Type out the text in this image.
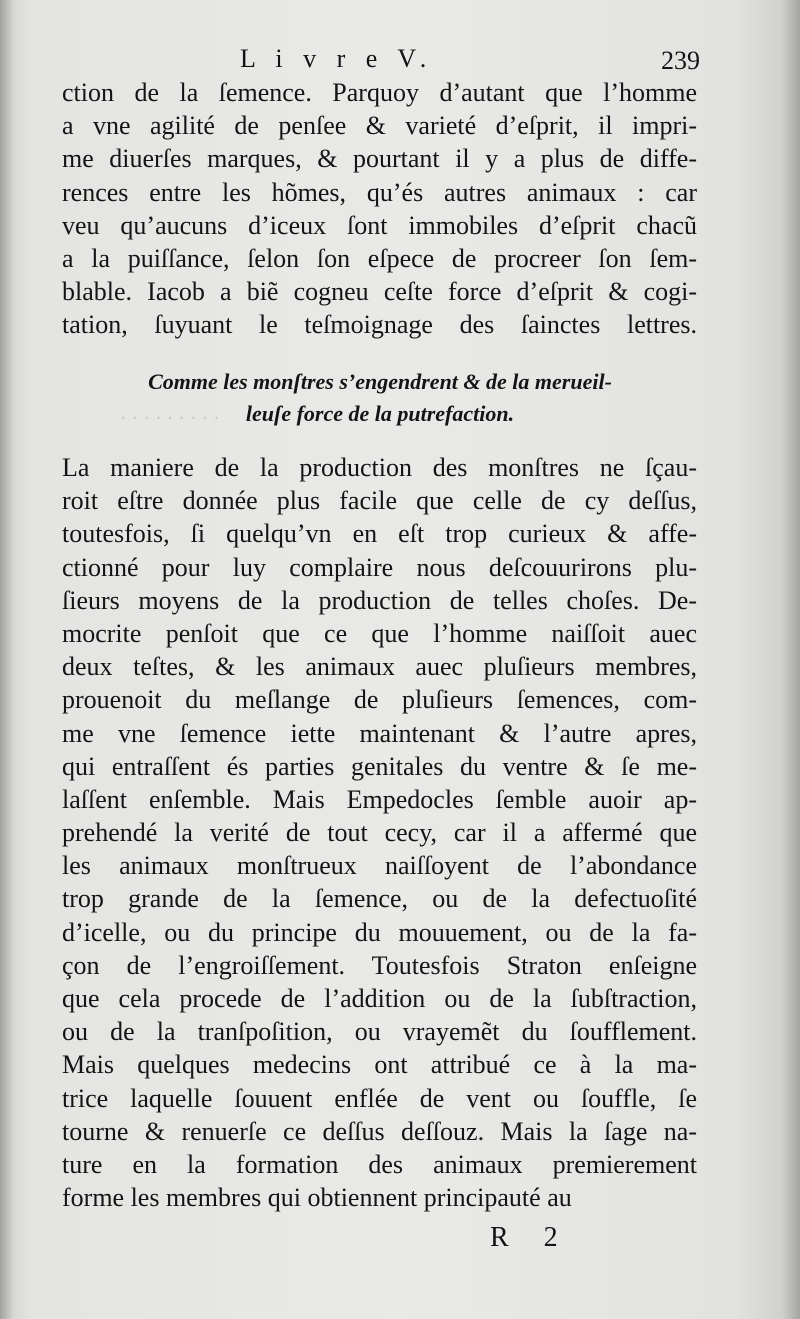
· · · · · · · · ·
L i v r e V.	239
ction de la ſemence. Parquoy d’autant que l’homme
a vne agilité de penſee & varieté d’eſprit, il impri-
me diuerſes marques, & pourtant il y a plus de diffe-
rences entre les hõmes, qu’és autres animaux : car
veu qu’aucuns d’iceux ſont immobiles d’eſprit chacũ
a la puiſſance, ſelon ſon eſpece de procreer ſon ſem-
blable. Iacob a biẽ cogneu ceſte force d’eſprit & cogi-
tation, ſuyuant le teſmoignage des ſainctes lettres.
Comme les monſtres s’engendrent & de la merueil-
leuſe force de la putrefaction.
La maniere de la production des monſtres ne ſçau-
roit eſtre donnée plus facile que celle de cy deſſus,
toutesfois, ſi quelqu’vn en eſt trop curieux & affe-
ctionné pour luy complaire nous deſcouurirons plu-
ſieurs moyens de la production de telles choſes. De-
mocrite penſoit que ce que l’homme naiſſoit auec
deux teſtes, & les animaux auec pluſieurs membres,
prouenoit du meſlange de pluſieurs ſemences, com-
me vne ſemence iette maintenant & l’autre apres,
qui entraſſent és parties genitales du ventre & ſe me-
laſſent enſemble. Mais Empedocles ſemble auoir ap-
prehendé la verité de tout cecy, car il a affermé que
les animaux monſtrueux naiſſoyent de l’abondance
trop grande de la ſemence, ou de la defectuoſité
d’icelle, ou du principe du mouuement, ou de la fa-
çon de l’engroiſſement. Toutesfois Straton enſeigne
que cela procede de l’addition ou de la ſubſtraction,
ou de la tranſpoſition, ou vrayemẽt du ſoufflement.
Mais quelques medecins ont attribué ce à la ma-
trice laquelle ſouuent enflée de vent ou ſouffle, ſe
tourne & renuerſe ce deſſus deſſouz. Mais la ſage na-
ture en la formation des animaux premierement
forme les membres qui obtiennent principauté au
R 2
